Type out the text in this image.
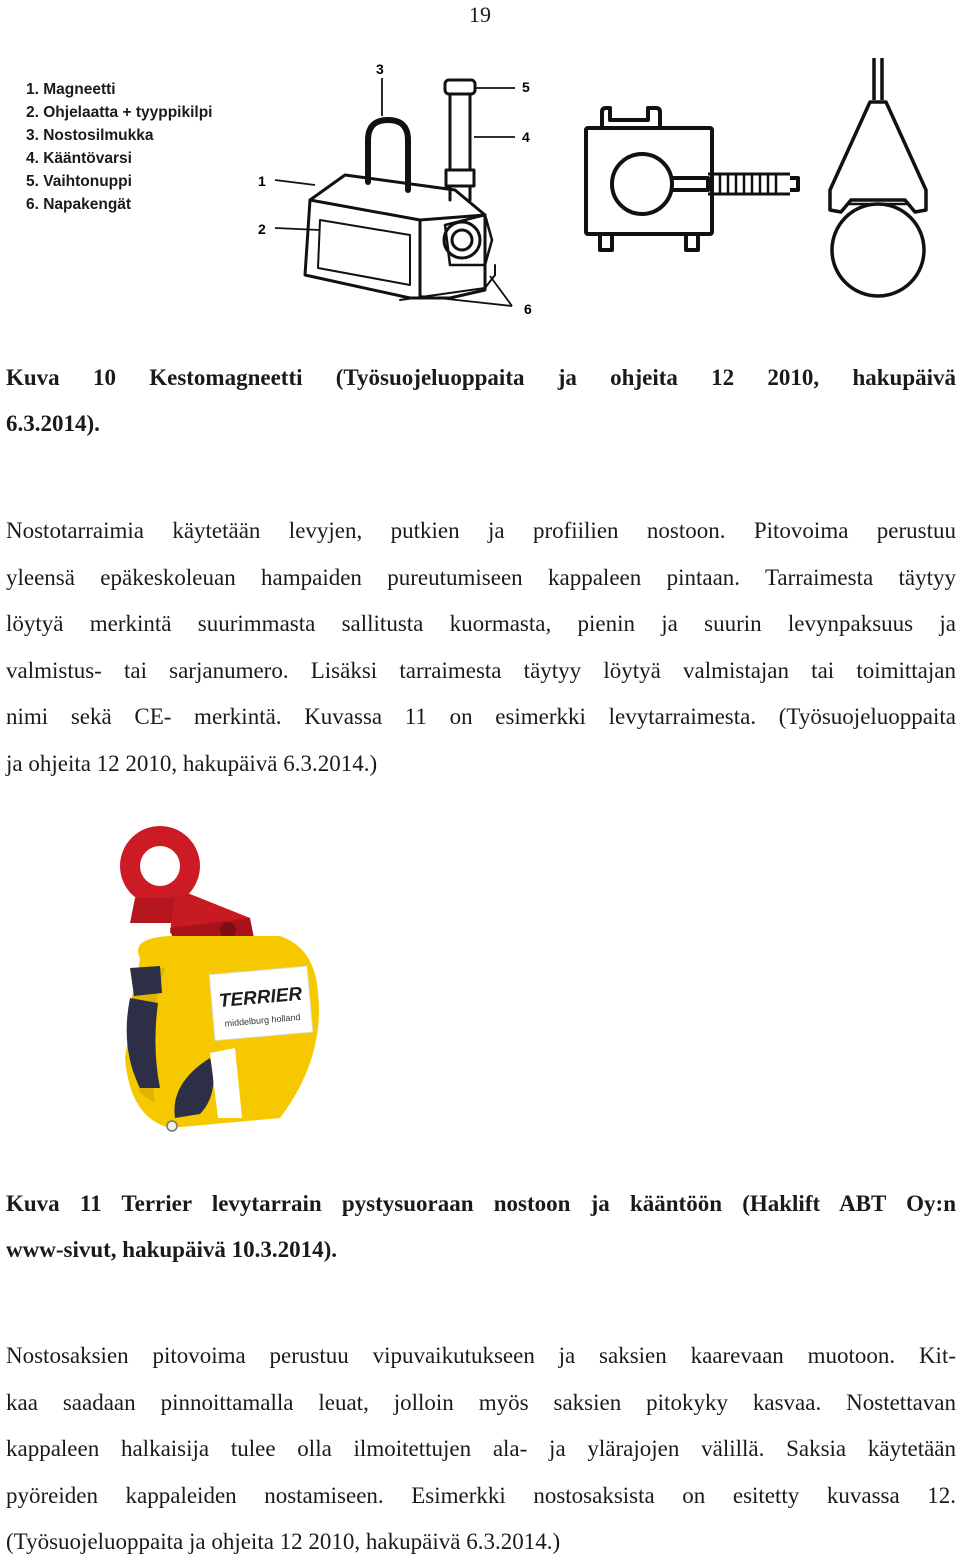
19
1. Magneetti
2. Ohjelaatta + tyyppikilpi
3. Nostosilmukka
4. Kääntövarsi
5. Vaihtonuppi
6. Napakengät
1
2
3
4
5
6
Kuva 10 Kestomagneetti (Työsuojeluoppaita ja ohjeita 12 2010, hakupäivä
6.3.2014).
Nostotarraimia käytetään levyjen, putkien ja profiilien nostoon. Pitovoima perustuu
yleensä epäkeskoleuan hampaiden pureutumiseen kappaleen pintaan. Tarraimesta täytyy
löytyä merkintä suurimmasta sallitusta kuormasta, pienin ja suurin levynpaksuus ja
valmistus- tai sarjanumero. Lisäksi tarraimesta täytyy löytyä valmistajan tai toimittajan
nimi sekä CE- merkintä. Kuvassa 11 on esimerkki levytarraimesta. (Työsuojeluoppaita
ja ohjeita 12 2010, hakupäivä 6.3.2014.)
TERRIER
middelburg holland
Kuva 11 Terrier levytarrain pystysuoraan nostoon ja kääntöön (Haklift ABT Oy:n
www-sivut, hakupäivä 10.3.2014).
Nostosaksien pitovoima perustuu vipuvaikutukseen ja saksien kaarevaan muotoon. Kit-
kaa saadaan pinnoittamalla leuat, jolloin myös saksien pitokyky kasvaa. Nostettavan
kappaleen halkaisija tulee olla ilmoitettujen ala- ja ylärajojen välillä. Saksia käytetään
pyöreiden kappaleiden nostamiseen. Esimerkki nostosaksista on esitetty kuvassa 12.
(Työsuojeluoppaita ja ohjeita 12 2010, hakupäivä 6.3.2014.)
